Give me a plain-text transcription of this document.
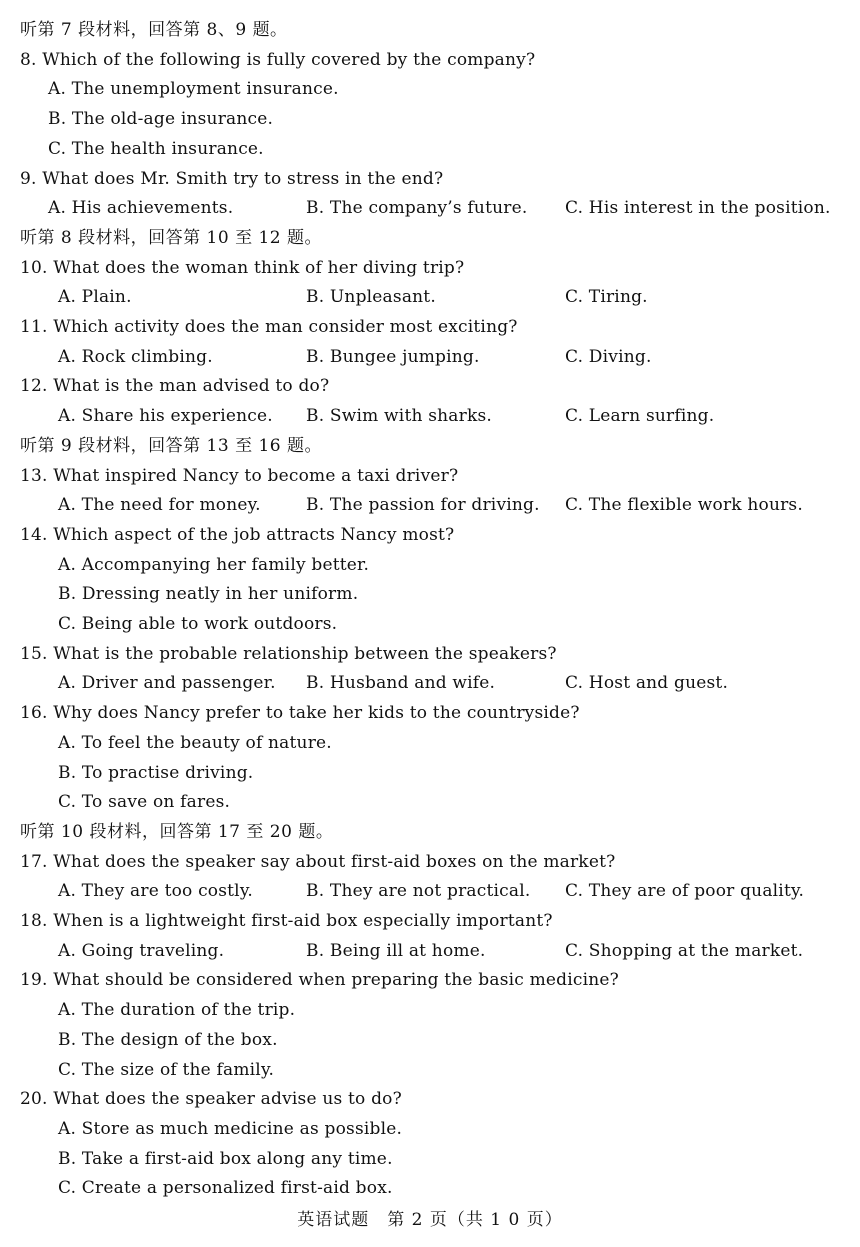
听第 7 段材料，回答第 8、9 题。
8. Which of the following is fully covered by the company?
A. The unemployment insurance.
B. The old-age insurance.
C. The health insurance.
9. What does Mr. Smith try to stress in the end?
A. His achievements.	B. The company’s future. C. His interest in the position.
听第 8 段材料，回答第 10 至 12 题。
10. What does the woman think of her diving trip?
A. Plain.	B. Unpleasant.	C. Tiring.
11. Which activity does the man consider most exciting?
A. Rock climbing.	B. Bungee jumping.	C. Diving.
12. What is the man advised to do?
A. Share his experience. B. Swim with sharks.	C. Learn surfing.
听第 9 段材料，回答第 13 至 16 题。
13. What inspired Nancy to become a taxi driver?
A. The need for money.	B. The passion for driving. C. The flexible work hours.
14. Which aspect of the job attracts Nancy most?
A. Accompanying her family better.
B. Dressing neatly in her uniform.
C. Being able to work outdoors.
15. What is the probable relationship between the speakers?
A. Driver and passenger. B. Husband and wife.	C. Host and guest.
16. Why does Nancy prefer to take her kids to the countryside?
A. To feel the beauty of nature.
B. To practise driving.
C. To save on fares.
听第 10 段材料，回答第 17 至 20 题。
17. What does the speaker say about first-aid boxes on the market?
A. They are too costly.	B. They are not practical. C. They are of poor quality.
18. When is a lightweight first-aid box especially important?
A. Going traveling.	B. Being ill at home.	C. Shopping at the market.
19. What should be considered when preparing the basic medicine?
A. The duration of the trip.
B. The design of the box.
C. The size of the family.
20. What does the speaker advise us to do?
A. Store as much medicine as possible.
B. Take a first-aid box along any time.
C. Create a personalized first-aid box.
英语试题　第 2 页（共 1 0 页）
